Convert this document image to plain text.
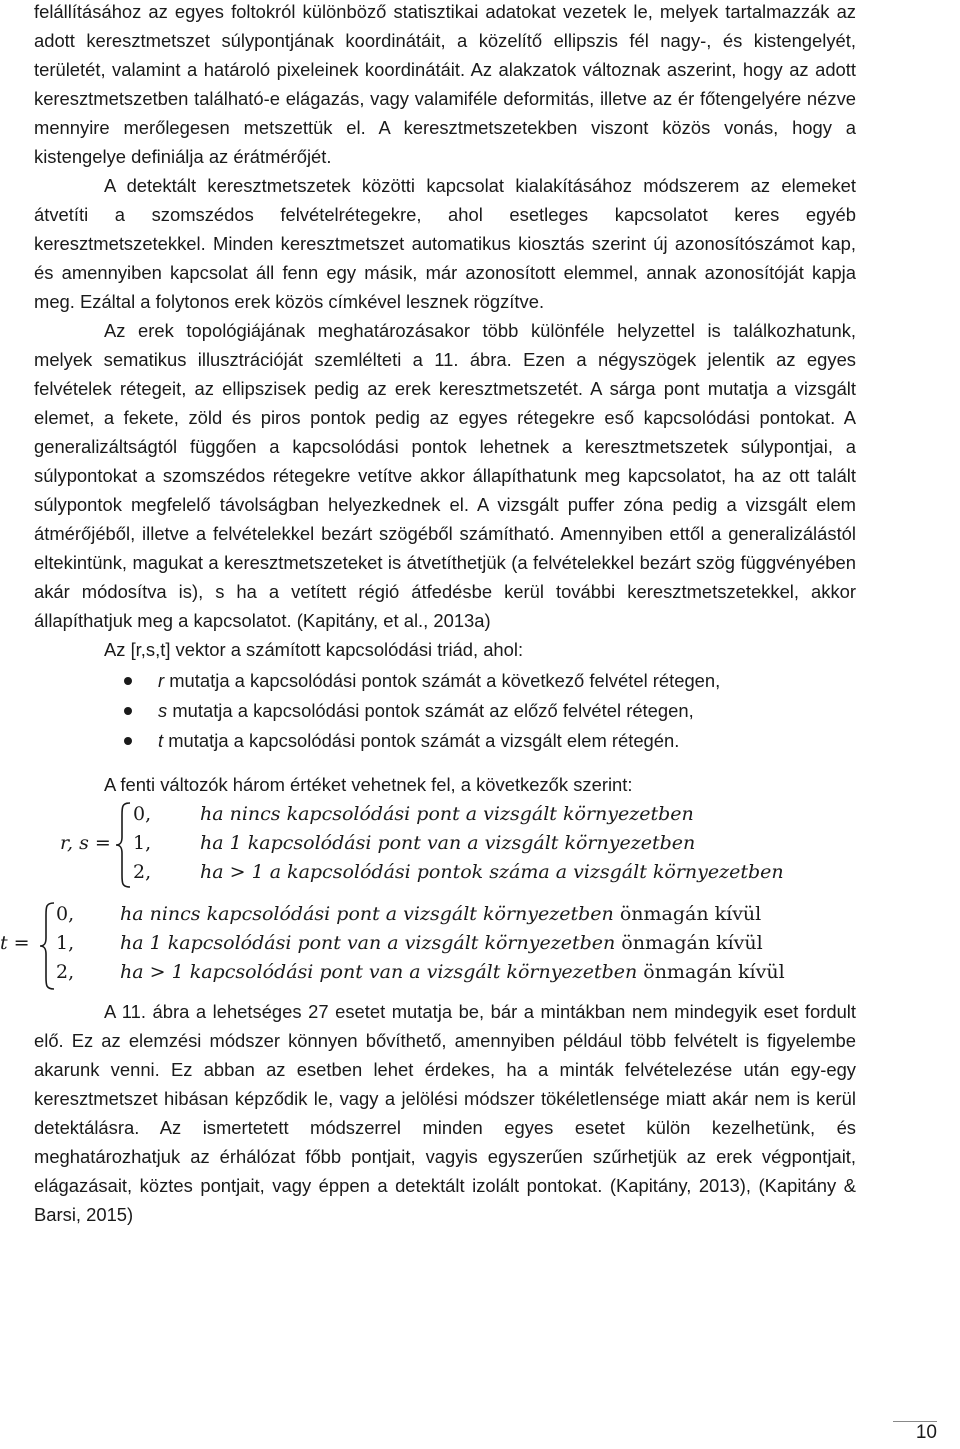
felállításához az egyes foltokról különböző statisztikai adatokat vezetek le, melyek tartalmazzák az adott keresztmetszet súlypontjának koordinátáit, a közelítő ellipszis fél nagy-, és kistengelyét, területét, valamint a határoló pixeleinek koordinátáit. Az alakzatok változnak aszerint, hogy az adott keresztmetszetben található-e elágazás, vagy valamiféle deformitás, illetve az ér főtengelyére nézve mennyire merőlegesen metszettük el. A keresztmetszetekben viszont közös vonás, hogy a kistengelye definiálja az érátmérőjét.

A detektált keresztmetszetek közötti kapcsolat kialakításához módszerem az elemeket átvetíti a szomszédos felvételrétegekre, ahol esetleges kapcsolatot keres egyéb keresztmetszetekkel. Minden keresztmetszet automatikus kiosztás szerint új azonosítószámot kap, és amennyiben kapcsolat áll fenn egy másik, már azonosított elemmel, annak azonosítóját kapja meg. Ezáltal a folytonos erek közös címkével lesznek rögzítve.

Az erek topológiájának meghatározásakor több különféle helyzettel is találkozhatunk, melyek sematikus illusztrációját szemlélteti a 11. ábra. Ezen a négyszögek jelentik az egyes felvételek rétegeit, az ellipszisek pedig az erek keresztmetszetét. A sárga pont mutatja a vizsgált elemet, a fekete, zöld és piros pontok pedig az egyes rétegekre eső kapcsolódási pontokat. A generalizáltságtól függően a kapcsolódási pontok lehetnek a keresztmetszetek súlypontjai, a súlypontokat a szomszédos rétegekre vetítve akkor állapíthatunk meg kapcsolatot, ha az ott talált súlypontok megfelelő távolságban helyezkednek el. A vizsgált puffer zóna pedig a vizsgált elem átmérőjéből, illetve a felvételekkel bezárt szögéből számítható. Amennyiben ettől a generalizálástól eltekintünk, magukat a keresztmetszeteket is átvetíthetjük (a felvételekkel bezárt szög függvényében akár módosítva is), s ha a vetített régió átfedésbe kerül további keresztmetszetekkel, akkor állapíthatjuk meg a kapcsolatot. (Kapitány, et al., 2013a)

Az [r,s,t] vektor a számított kapcsolódási triád, ahol:

r mutatja a kapcsolódási pontok számát a következő felvétel rétegen,
s mutatja a kapcsolódási pontok számát az előző felvétel rétegen,
t mutatja a kapcsolódási pontok számát a vizsgált elem rétegén.

A fenti változók három értéket vehetnek fel, a következők szerint:

r, s =
0,	ha nincs kapcsolódási pont a vizsgált környezetben
1,	ha 1 kapcsolódási pont van a vizsgált környezetben
2,	ha > 1 a kapcsolódási pontok száma a vizsgált környezetben
t =
0, ha nincs kapcsolódási pont a vizsgált környezetben önmagán kívül
1, ha 1 kapcsolódási pont van a vizsgált környezetben önmagán kívül
2, ha > 1 kapcsolódási pont van a vizsgált környezetben önmagán kívül

A 11. ábra a lehetséges 27 esetet mutatja be, bár a mintákban nem mindegyik eset fordult elő. Ez az elemzési módszer könnyen bővíthető, amennyiben például több felvételt is figyelembe akarunk venni. Ez abban az esetben lehet érdekes, ha a minták felvételezése után egy-egy keresztmetszet hibásan képződik le, vagy a jelölési módszer tökéletlensége miatt akár nem is kerül detektálásra. Az ismertetett módszerrel minden egyes esetet külön kezelhetünk, és meghatározhatjuk az érhálózat főbb pontjait, vagyis egyszerűen szűrhetjük az erek végpontjait, elágazásait, köztes pontjait, vagy éppen a detektált izolált pontokat. (Kapitány, 2013), (Kapitány & Barsi, 2015)

10
